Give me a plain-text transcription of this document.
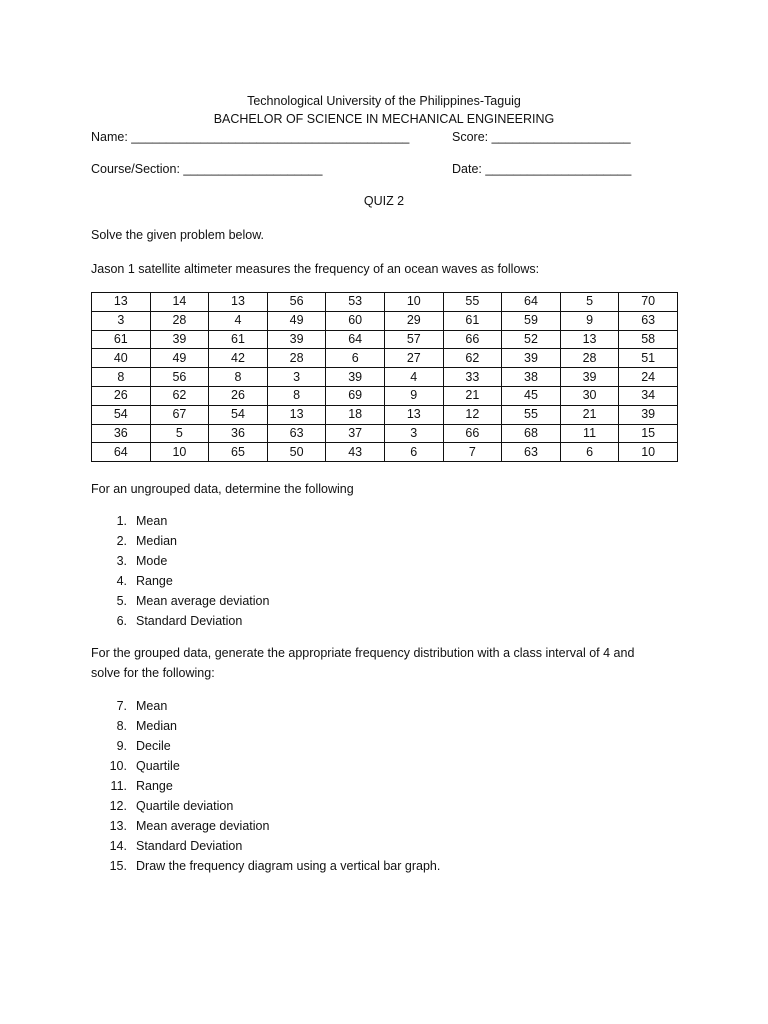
Technological University of the Philippines-Taguig
BACHELOR OF SCIENCE IN MECHANICAL ENGINEERING
Name: ________________________________________	Score: ____________________
Course/Section: ____________________	Date: _____________________
QUIZ 2
Solve the given problem below.
Jason 1 satellite altimeter measures the frequency of an ocean waves as follows:
13	14	13	56	53	10	55	64	5	70
3	28	4	49	60	29	61	59	9	63
61	39	61	39	64	57	66	52	13	58
40	49	42	28	6	27	62	39	28	51
8	56	8	3	39	4	33	38	39	24
26	62	26	8	69	9	21	45	30	34
54	67	54	13	18	13	12	55	21	39
36	5	36	63	37	3	66	68	11	15
64	10	65	50	43	6	7	63	6	10
For an ungrouped data, determine the following
1. Mean
2. Median
3. Mode
4. Range
5. Mean average deviation
6. Standard Deviation
For the grouped data, generate the appropriate frequency distribution with a class interval of 4 and
solve for the following:
7. Mean
8. Median
9. Decile
10. Quartile
11. Range
12. Quartile deviation
13. Mean average deviation
14. Standard Deviation
15. Draw the frequency diagram using a vertical bar graph.
